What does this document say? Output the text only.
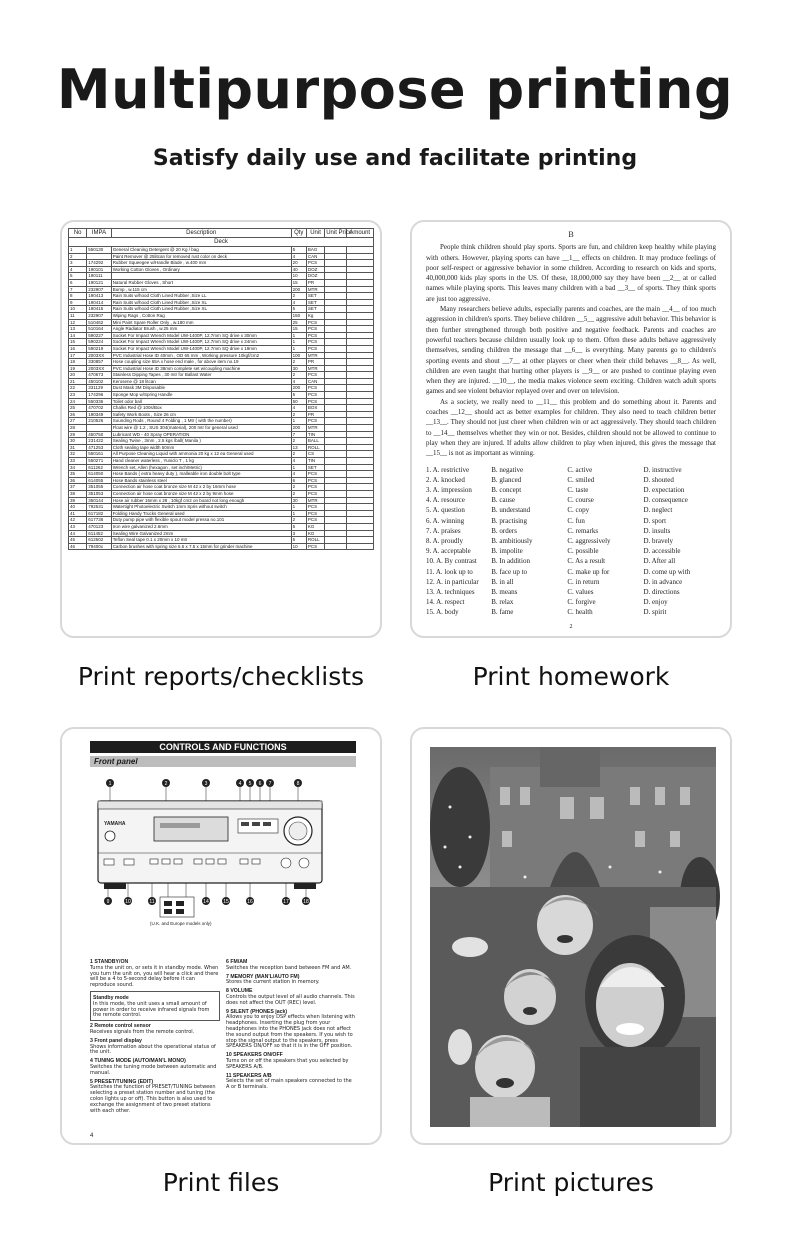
Multipurpose printing
Satisfy daily use and facilitate printing
No	IMPA	Description	Qty	Unit	Unit Price	Amount
Deck						
1	550130	General Cleaning Detergent @ 20 Kg / bag	5	BAG		
2		Paint Remover @ 25litcan for removed rust color on deck	4	CAN		
3	174292	Rubber Squeegee w/Handle Blade , w.400 mm	20	PCS		
4	190101	Working Cotton Gloves , Ordinary	40	DOZ		
5	190111		10	DOZ		
6	190121	Natural Rubber Gloves , Short	15	PR		
7	232907	Bump , w.115 cm	200	MTR		
8	190413	Rain Suits w/hood Cloth Lined Rubber ,Size LL	2	SET		
9	190414	Rain Suits w/hood Cloth Lined Rubber ,Size XL	4	SET		
10	190415	Rain Suits w/hood Cloth Lined Rubber ,Size XL	5	SET		
11	232907	Wiping Rags , Cotton Rag	150	Kg		
12	510462	Mini Paint Spare Roller Only , w.180 mm	25	PCS		
13	510164	Angle Radiator Brush , w.25 mm	15	PCS		
14	590227	Socket For Impact Wrench Model UW-1400P, 12.7mm SQ drive x 30mm	1	PCS		
15	590224	Socket For Impact Wrench Model UW-1400P, 12.7mm SQ drive x 24mm	1	PCS		
16	590219	Socket For Impact Wrench Model UW-1400P, 12.7mm SQ drive x 19mm	1	PCS		
17	2003XX	PVC Industrial Hose ID 40mm , OD 65 mm , Working pressure 10kgf/cm2	100	MTR		
18	330857	Hose coupling size 65A x hose end male , for above item no.19	2	PR		
19	2003XX	PVC Industrial Hose ID 38mm complete set w/coupling machine	30	MTR		
20	470673	Stainless Dipping Tapes , 30 mtr for Ballast Water	2	PCS		
21	450102	Kerosene @ 18 litcan	4	CAN		
22	331129	Dust Mask 3M Disposable	200	PCS		
23	174296	Sponge Mop w/Spring Handle	5	PCS		
24	550336	Toilet odor ball	50	PCS		
25	470702	Chalks Red @ 100s/Box	4	BOX		
26	190349	Safety Work Boots , Size 26 cm	2	PR		
27	210526	Sounding Rods , Round 4 Folding , 1 Mtr ( with the number)	1	PCS		
28		Float wire @ 1.2 , SUS 304(material), 200 mtr for general used	200	MTR		
29	450750	Lubricant WD - 40 Spray OPERATION	7	TIN		
30	231422	Sealing Twine , 3mm , 2.5 kgs /ball( Manila )	2	BALL		
31	471253	Cloth sealing tape width 50mm	13	ROLL		
32	550161	All Purpose Cleaning Liquid with ammonia 20 kg x 12 ea General used	2	CS		
33	550271	Hand cleaner waterless , Yuniclo T , 1 kg	4	TIN		
34	611262	Wrench set, Allen (hexagon , set inch/Metric)	1	SET		
35	614050	Hose Bands ( extra heavy duty ), malleable iron double bolt type	4	PCS		
36	614055	Hose Bands stainless steel	6	PCS		
37	351055	Connection air hose coat bronze size M 42 x 2 by 16mm hose	2	PCS		
38	351053	Connection air hose coat bronze size M 42 x 2 by 9mm hose	2	PCS		
39	350144	Hose air rubber 16mm x 28 , 10kgf cm2 on board not long enough	30	MTR		
40	792531	Watertight Photoelectric Switch 1mm Spris without switch	1	PCS		
41	617182	Folding Handy Trucks General used	1	PCS		
42	617736	Duty pump pipe with flexible spout model pressa no.101	2	PCS		
43	470123	Iron wire galvanized 2.6mm	5	KG		
44	611452	Sealing Wire Galvanized 2mm	3	KG		
45	612502	Teflon Seal tape 0.1 x 20mm x 10 mtr	5	ROLL		
46	79400x	Carbon brushes with spring size 6.5 x 7.5 x 15mm for grinder machine	10	PCS		
B

People think children should play sports. Sports are fun, and children keep healthy while playing with others. However, playing sports can have __1__ effects on children. It may produce feelings of poor self-respect or aggressive behavior in some children. According to research on kids and sports, 40,000,000 kids play sports in the US. Of these, 18,000,000 say they have been __2__ at or called names while playing sports. This leaves many children with a bad __3__ of sports. They think sports are just too aggressive.

Many researchers believe adults, especially parents and coaches, are the main __4__ of too much aggression in children's sports. They believe children __5__ aggressive adult behavior. This behavior is then further strengthened through both positive and negative feedback. Parents and coaches are powerful teachers because children usually look up to them. Often these adults behave aggressively themselves, sending children the message that __6__ is everything. Many parents go to children's sporting events and shout __7__ at other players or cheer when their child behaves __8__. As well, children are even taught that hurting other players is __9__ or are pushed to continue playing even when they are injured. __10__, the media makes violence seem exciting. Children watch adult sports games and see violent behavior replayed over and over on television.

As a society, we really need to __11__ this problem and do something about it. Parents and coaches __12__ should act as better examples for children. They also need to teach children better __13__. They should not just cheer when children win or act aggressively. They should teach children to __14__ themselves whether they win or not. Besides, children should not be allowed to continue to play when they are injured. If adults allow children to play when injured, this gives the message that __15__ is not as important as winning.

1. A. restrictive	B. negative	C. active	D. instructive
2. A. knocked	B. glanced	C. smiled	D. shouted
3. A. impression	B. concept	C. taste	D. expectation
4. A. resource	B. cause	C. course	D. consequence
5. A. question	B. understand	C. copy	D. neglect
6. A. winning	B. practising	C. fun	D. sport
7. A. praises	B. orders	C. remarks	D. insults
8. A. proudly	B. ambitiously	C. aggressively	D. bravely
9. A. acceptable	B. impolite	C. possible	D. accessible
10. A. By contrast	B. In addition	C. As a result	D. After all
11. A. look up to	B. face up to	C. make up for	D. come up with
12. A. in particular	B. in all	C. in return	D. in advance
13. A. techniques	B. means	C. values	D. directions
14. A. respect	B. relax	C. forgive	D. enjoy
15. A. body	B. fame	C. health	D. spirit
2
CONTROLS AND FUNCTIONS
Front panel
1	2	3	4 5 6 7	8
9	10	11	14	15	16	17	18
YAMAHA
(U.K. and Europe models only)
1 STANDBY/ON
Turns the unit on, or sets it in standby mode. When you turn the unit on, you will hear a click and there will be a 4 to 5-second delay before it can reproduce sound.
Standby mode
In this mode, the unit uses a small amount of power in order to receive infrared signals from the remote control.
2 Remote control sensor
Receives signals from the remote control.
3 Front panel display
Shows information about the operational status of the unit.
4 TUNING MODE (AUTO/MAN'L MONO)
Switches the tuning mode between automatic and manual.
5 PRESET/TUNING (EDIT)
Switches the function of PRESET/TUNING between selecting a preset station number and tuning (the colon lights up or off). This button is also used to exchange the assignment of two preset stations with each other.
6 FM/AM
Switches the reception band between FM and AM.
7 MEMORY (MAN'L/AUTO FM)
Stores the current station in memory.
8 VOLUME
Controls the output level of all audio channels. This does not affect the OUT (REC) level.
9 SILENT (PHONES jack)
Allows you to enjoy DSP effects when listening with headphones. Inserting the plug from your headphones into the PHONES jack does not affect the sound output from the speakers. If you wish to stop the signal output to the speakers, press SPEAKERS ON/OFF so that it is in the OFF position.
10 SPEAKERS ON/OFF
Turns on or off the speakers that you selected by SPEAKERS A/B.
11 SPEAKERS A/B
Selects the set of main speakers connected to the A or B terminals.
4
Print reports/checklists	Print homework
Print files	Print pictures
